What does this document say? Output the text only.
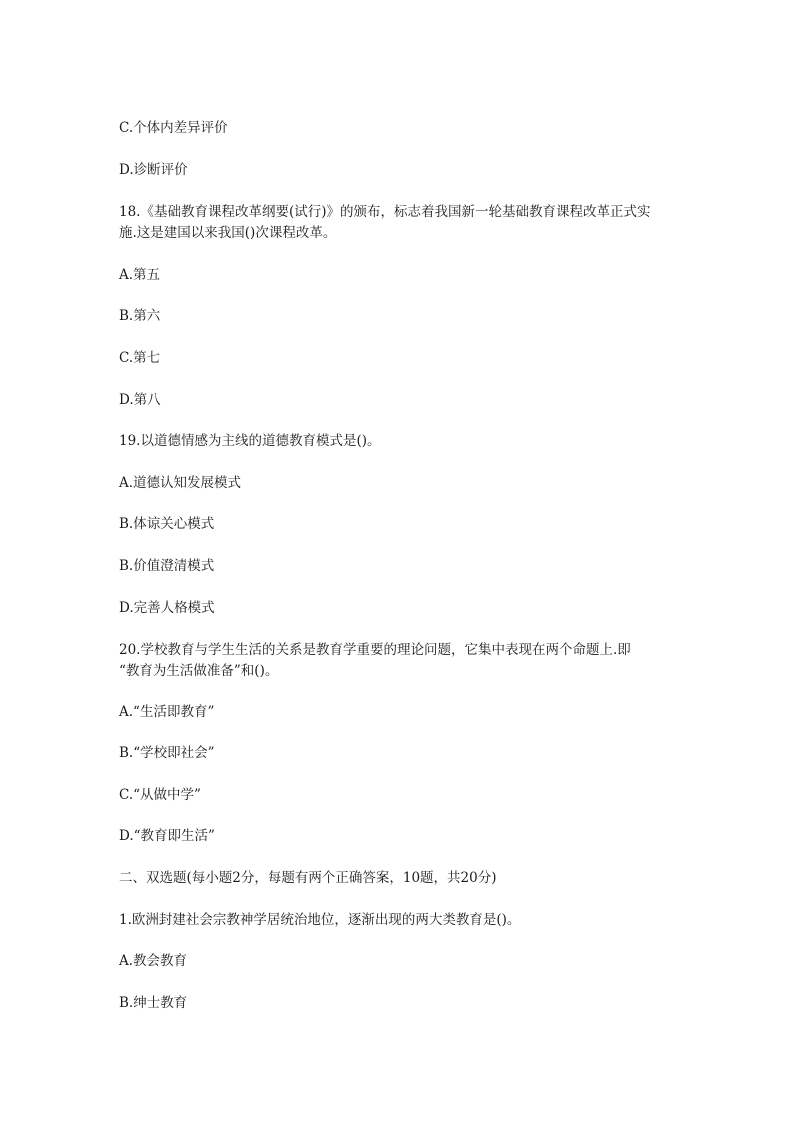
C.个体内差异评价
D.诊断评价
18.《基础教育课程改革纲要(试行)》的颁布，标志着我国新一轮基础教育课程改革正式实
施.这是建国以来我国()次课程改革。
A.第五
B.第六
C.第七
D.第八
19.以道德情感为主线的道德教育模式是()。
A.道德认知发展模式
B.体谅关心模式
B.价值澄清模式
D.完善人格模式
20.学校教育与学生生活的关系是教育学重要的理论问题，它集中表现在两个命题上.即
“教育为生活做准备”和()。
A.“生活即教育”
B.“学校即社会”
C.“从做中学”
D.“教育即生活”
二、双选题(每小题2分，每题有两个正确答案，10题，共20分)
1.欧洲封建社会宗教神学居统治地位，逐渐出现的两大类教育是()。
A.教会教育
B.绅士教育
